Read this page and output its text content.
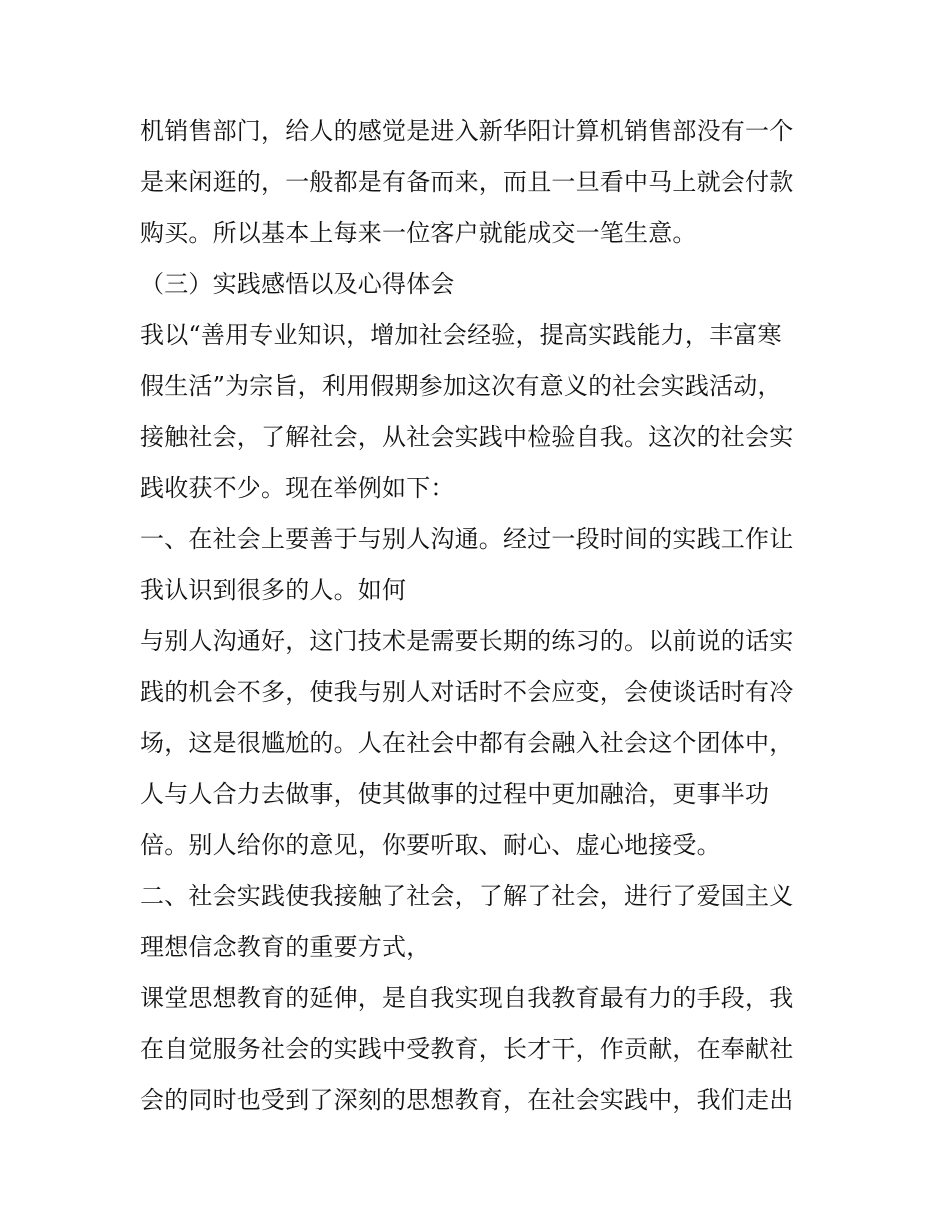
机销售部门，给人的感觉是进入新华阳计算机销售部没有一个
是来闲逛的，一般都是有备而来，而且一旦看中马上就会付款
购买。所以基本上每来一位客户就能成交一笔生意。
（三）实践感悟以及心得体会
我以“善用专业知识，增加社会经验，提高实践能力，丰富寒
假生活”为宗旨，利用假期参加这次有意义的社会实践活动，
接触社会，了解社会，从社会实践中检验自我。这次的社会实
践收获不少。现在举例如下：
一、在社会上要善于与别人沟通。经过一段时间的实践工作让
我认识到很多的人。如何
与别人沟通好，这门技术是需要长期的练习的。以前说的话实
践的机会不多，使我与别人对话时不会应变，会使谈话时有冷
场，这是很尴尬的。人在社会中都有会融入社会这个团体中，
人与人合力去做事，使其做事的过程中更加融洽，更事半功
倍。别人给你的意见，你要听取、耐心、虚心地接受。
二、社会实践使我接触了社会，了解了社会，进行了爱国主义
理想信念教育的重要方式，
课堂思想教育的延伸，是自我实现自我教育最有力的手段，我
在自觉服务社会的实践中受教育，长才干，作贡献，在奉献社
会的同时也受到了深刻的思想教育，在社会实践中，我们走出
